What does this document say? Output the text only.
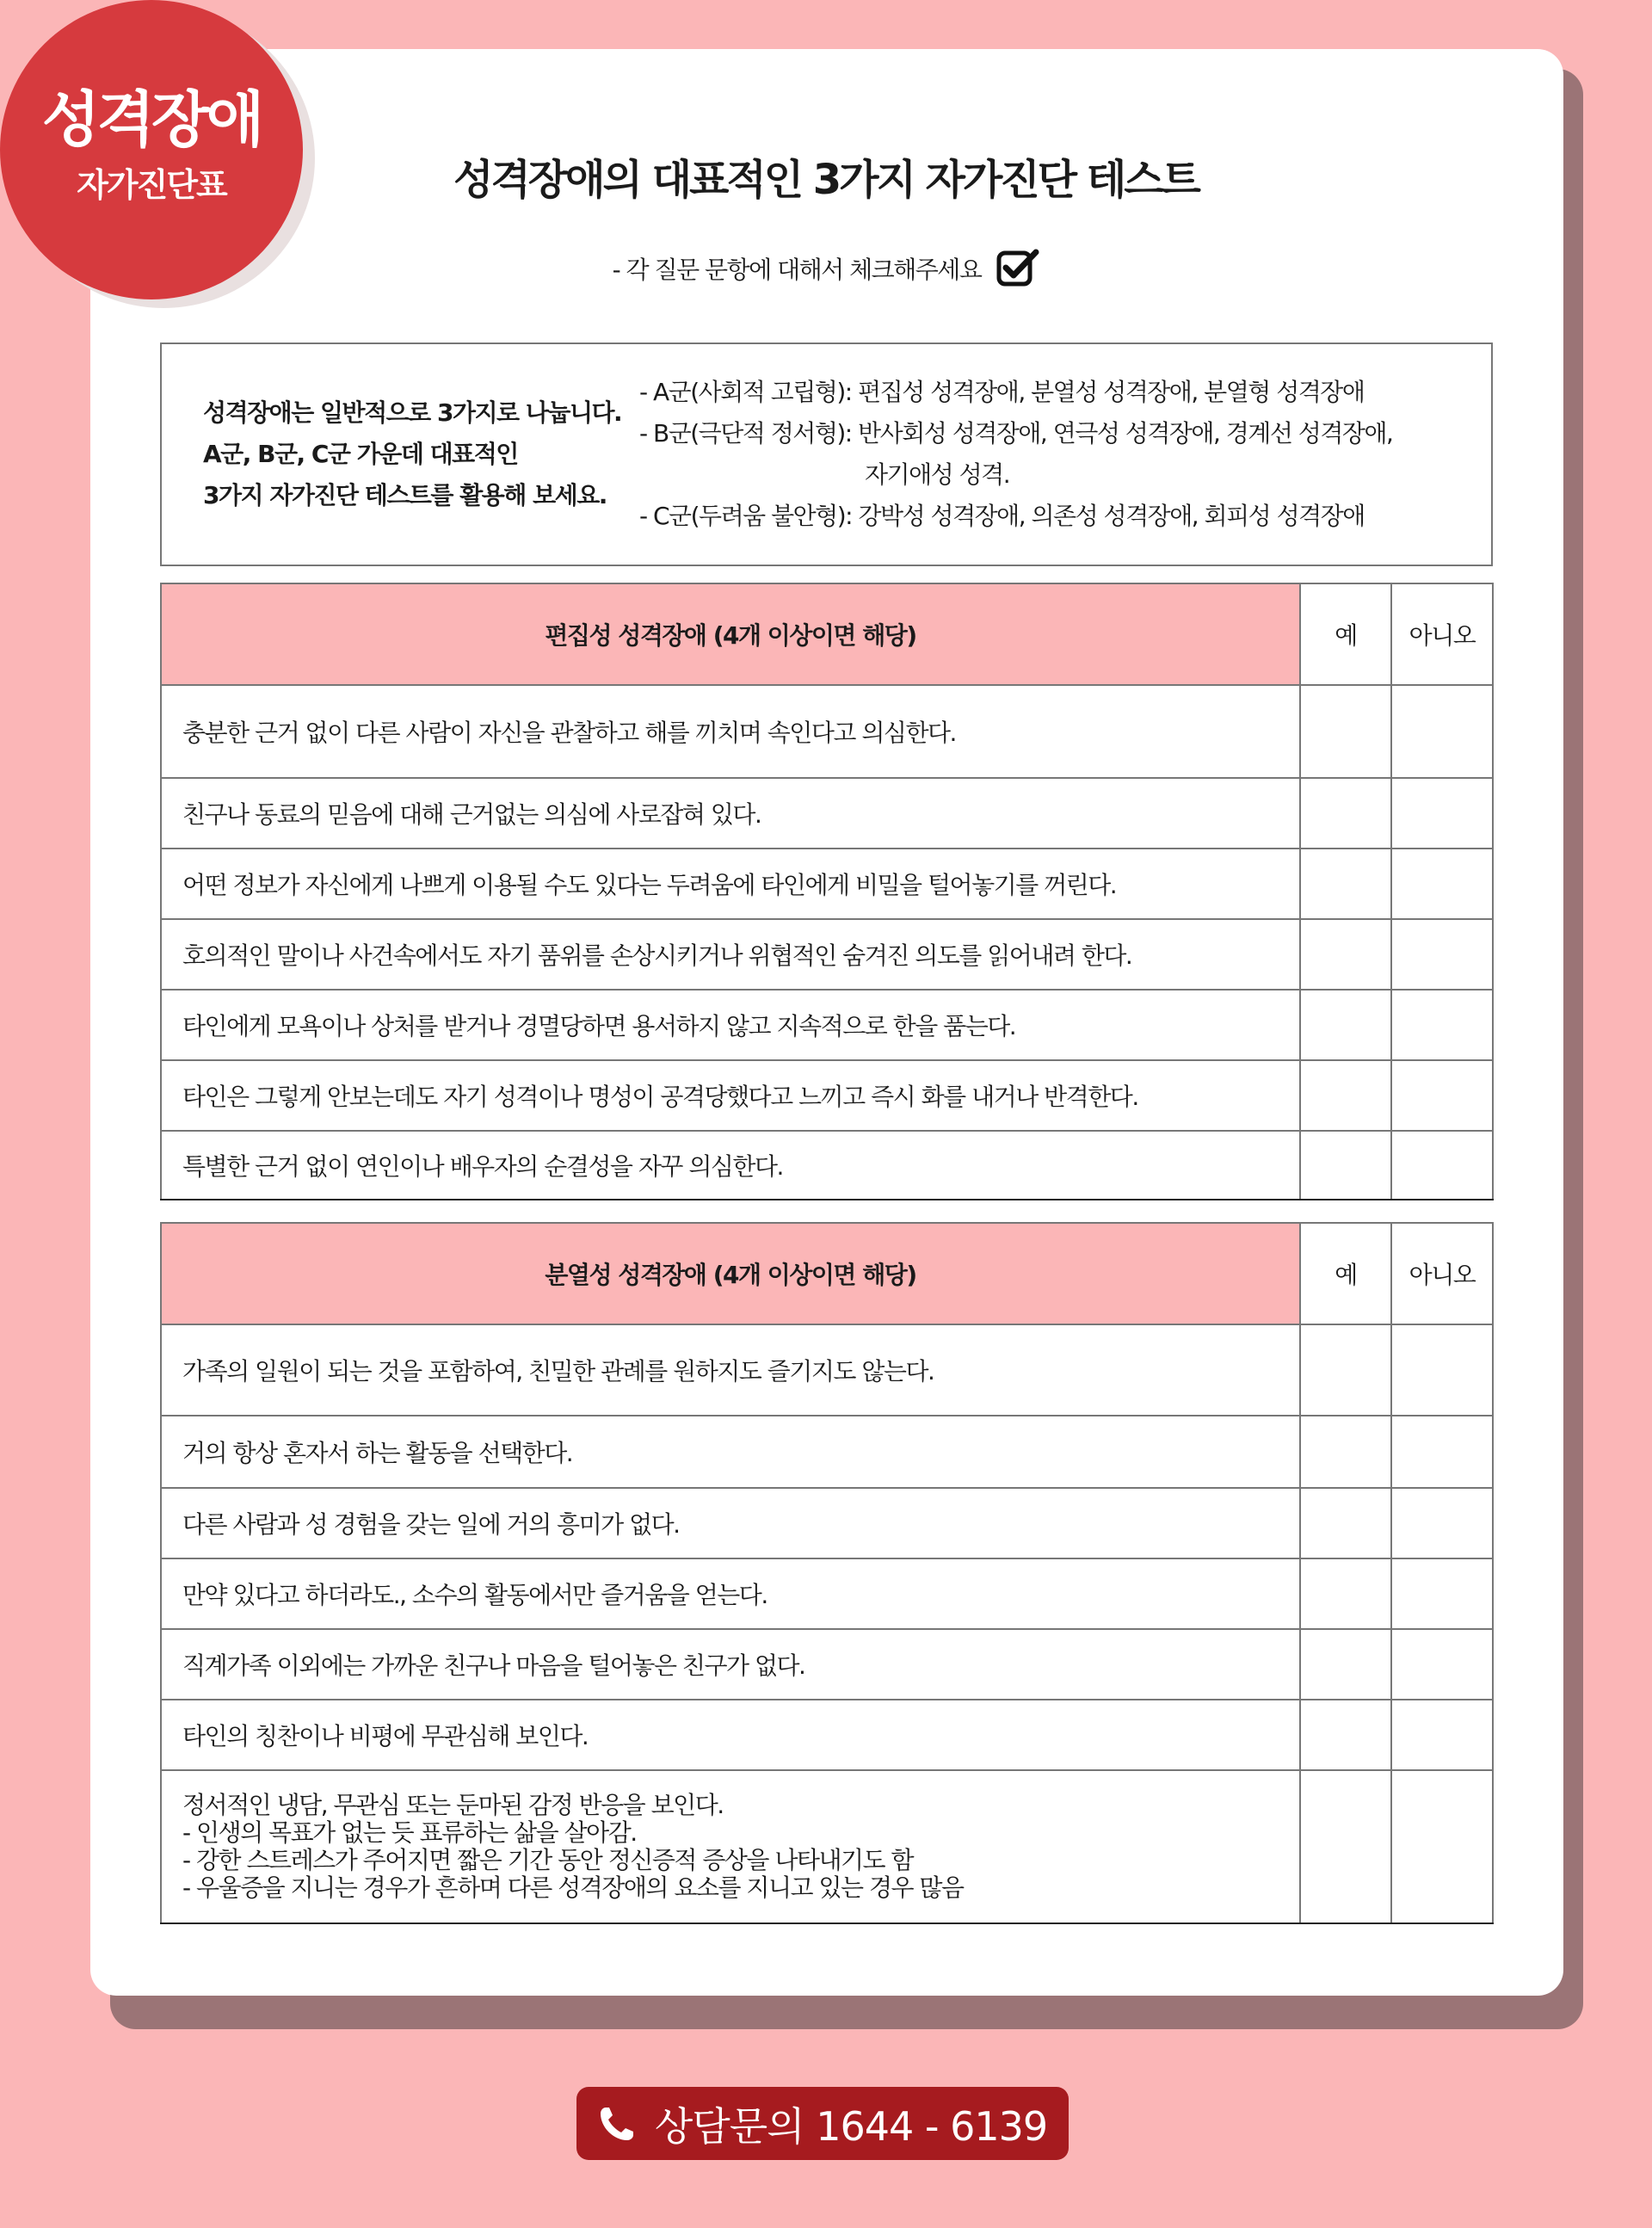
성격장애
자가진단표	성격장애의 대표적인 3가지 자가진단 테스트
- 각 질문 문항에 대해서 체크해주세요
성격장애는 일반적으로 3가지로 나눕니다.
A군, B군, C군 가운데 대표적인
3가지 자가진단 테스트를 활용해 보세요.
- A군(사회적 고립형): 편집성 성격장애, 분열성 성격장애, 분열형 성격장애
- B군(극단적 정서형): 반사회성 성격장애, 연극성 성격장애, 경계선 성격장애,
자기애성 성격.
- C군(두려움 불안형): 강박성 성격장애, 의존성 성격장애, 회피성 성격장애
편집성 성격장애 (4개 이상이면 해당)	예	아니오
충분한 근거 없이 다른 사람이 자신을 관찰하고 해를 끼치며 속인다고 의심한다.		
친구나 동료의 믿음에 대해 근거없는 의심에 사로잡혀 있다.		
어떤 정보가 자신에게 나쁘게 이용될 수도 있다는 두려움에 타인에게 비밀을 털어놓기를 꺼린다.		
호의적인 말이나 사건속에서도 자기 품위를 손상시키거나 위협적인 숨겨진 의도를 읽어내려 한다.		
타인에게 모욕이나 상처를 받거나 경멸당하면 용서하지 않고 지속적으로 한을 품는다.		
타인은 그렇게 안보는데도 자기 성격이나 명성이 공격당했다고 느끼고 즉시 화를 내거나 반격한다.		
특별한 근거 없이 연인이나 배우자의 순결성을 자꾸 의심한다.		
분열성 성격장애 (4개 이상이면 해당)	예	아니오
가족의 일원이 되는 것을 포함하여, 친밀한 관례를 원하지도 즐기지도 않는다.		
거의 항상 혼자서 하는 활동을 선택한다.		
다른 사람과 성 경험을 갖는 일에 거의 흥미가 없다.		
만약 있다고 하더라도., 소수의 활동에서만 즐거움을 얻는다.		
직계가족 이외에는 가까운 친구나 마음을 털어놓은 친구가 없다.		
타인의 칭찬이나 비평에 무관심해 보인다.		

정서적인 냉담, 무관심 또는 둔마된 감정 반응을 보인다.
- 인생의 목표가 없는 듯 표류하는 삶을 살아감.
- 강한 스트레스가 주어지면 짧은 기간 동안 정신증적 증상을 나타내기도 함
- 우울증을 지니는 경우가 흔하며 다른 성격장애의 요소를 지니고 있는 경우 많음		

상담문의 1644 - 6139
